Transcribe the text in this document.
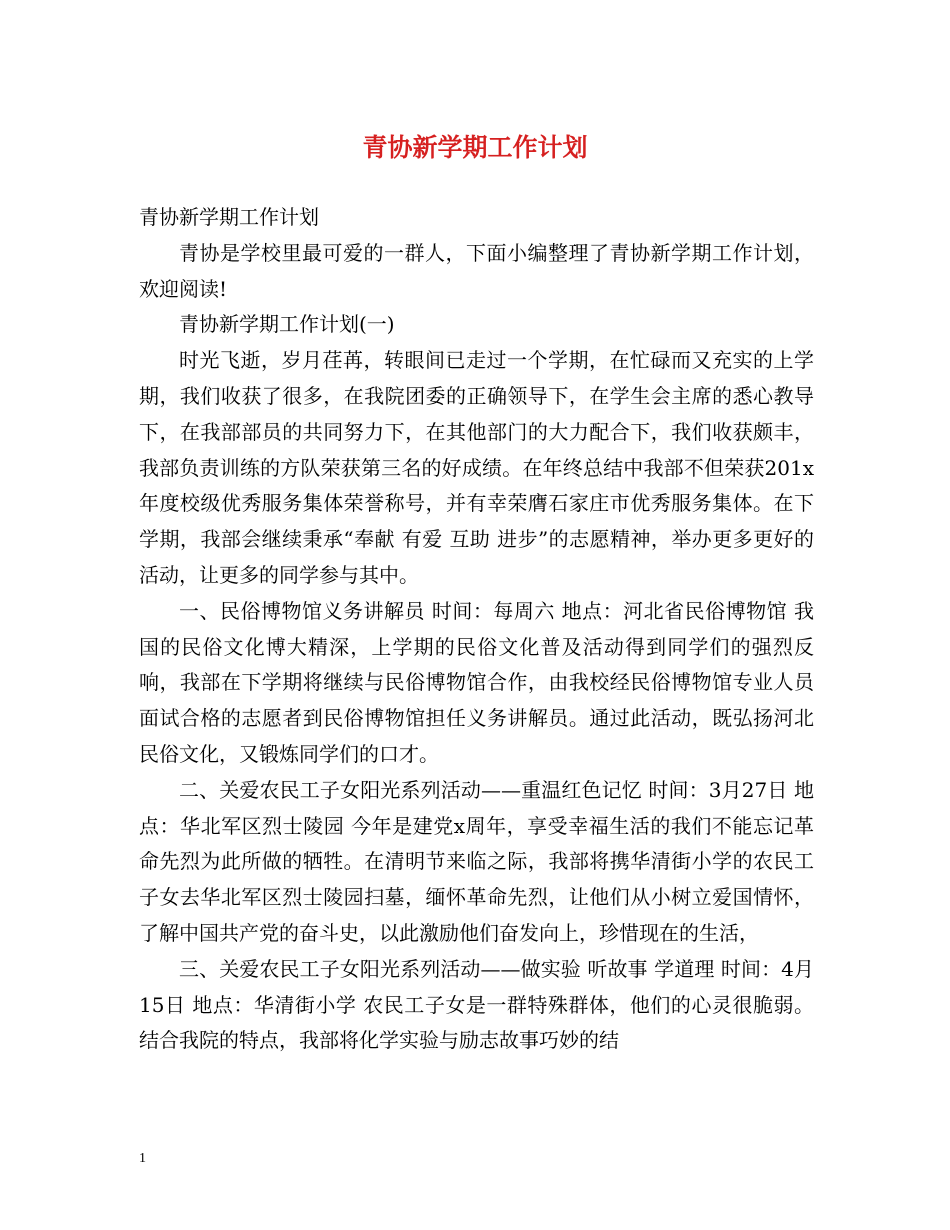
青协新学期工作计划

青协新学期工作计划

青协是学校里最可爱的一群人，下面小编整理了青协新学期工作计划，欢迎阅读!

青协新学期工作计划(一)

时光飞逝，岁月荏苒，转眼间已走过一个学期，在忙碌而又充实的上学期，我们收获了很多，在我院团委的正确领导下，在学生会主席的悉心教导下，在我部部员的共同努力下，在其他部门的大力配合下，我们收获颇丰，我部负责训练的方队荣获第三名的好成绩。在年终总结中我部不但荣获201x年度校级优秀服务集体荣誉称号，并有幸荣膺石家庄市优秀服务集体。在下学期，我部会继续秉承“奉献 有爱 互助 进步”的志愿精神，举办更多更好的活动，让更多的同学参与其中。

一、民俗博物馆义务讲解员 时间：每周六 地点：河北省民俗博物馆 我国的民俗文化博大精深，上学期的民俗文化普及活动得到同学们的强烈反响，我部在下学期将继续与民俗博物馆合作，由我校经民俗博物馆专业人员面试合格的志愿者到民俗博物馆担任义务讲解员。通过此活动，既弘扬河北民俗文化，又锻炼同学们的口才。

二、关爱农民工子女阳光系列活动——重温红色记忆 时间：3月27日 地点：华北军区烈士陵园 今年是建党x周年，享受幸福生活的我们不能忘记革命先烈为此所做的牺牲。在清明节来临之际，我部将携华清街小学的农民工子女去华北军区烈士陵园扫墓，缅怀革命先烈，让他们从小树立爱国情怀，了解中国共产党的奋斗史，以此激励他们奋发向上，珍惜现在的生活，

三、关爱农民工子女阳光系列活动——做实验 听故事 学道理 时间：4月15日 地点：华清街小学 农民工子女是一群特殊群体，他们的心灵很脆弱。结合我院的特点，我部将化学实验与励志故事巧妙的结

1
